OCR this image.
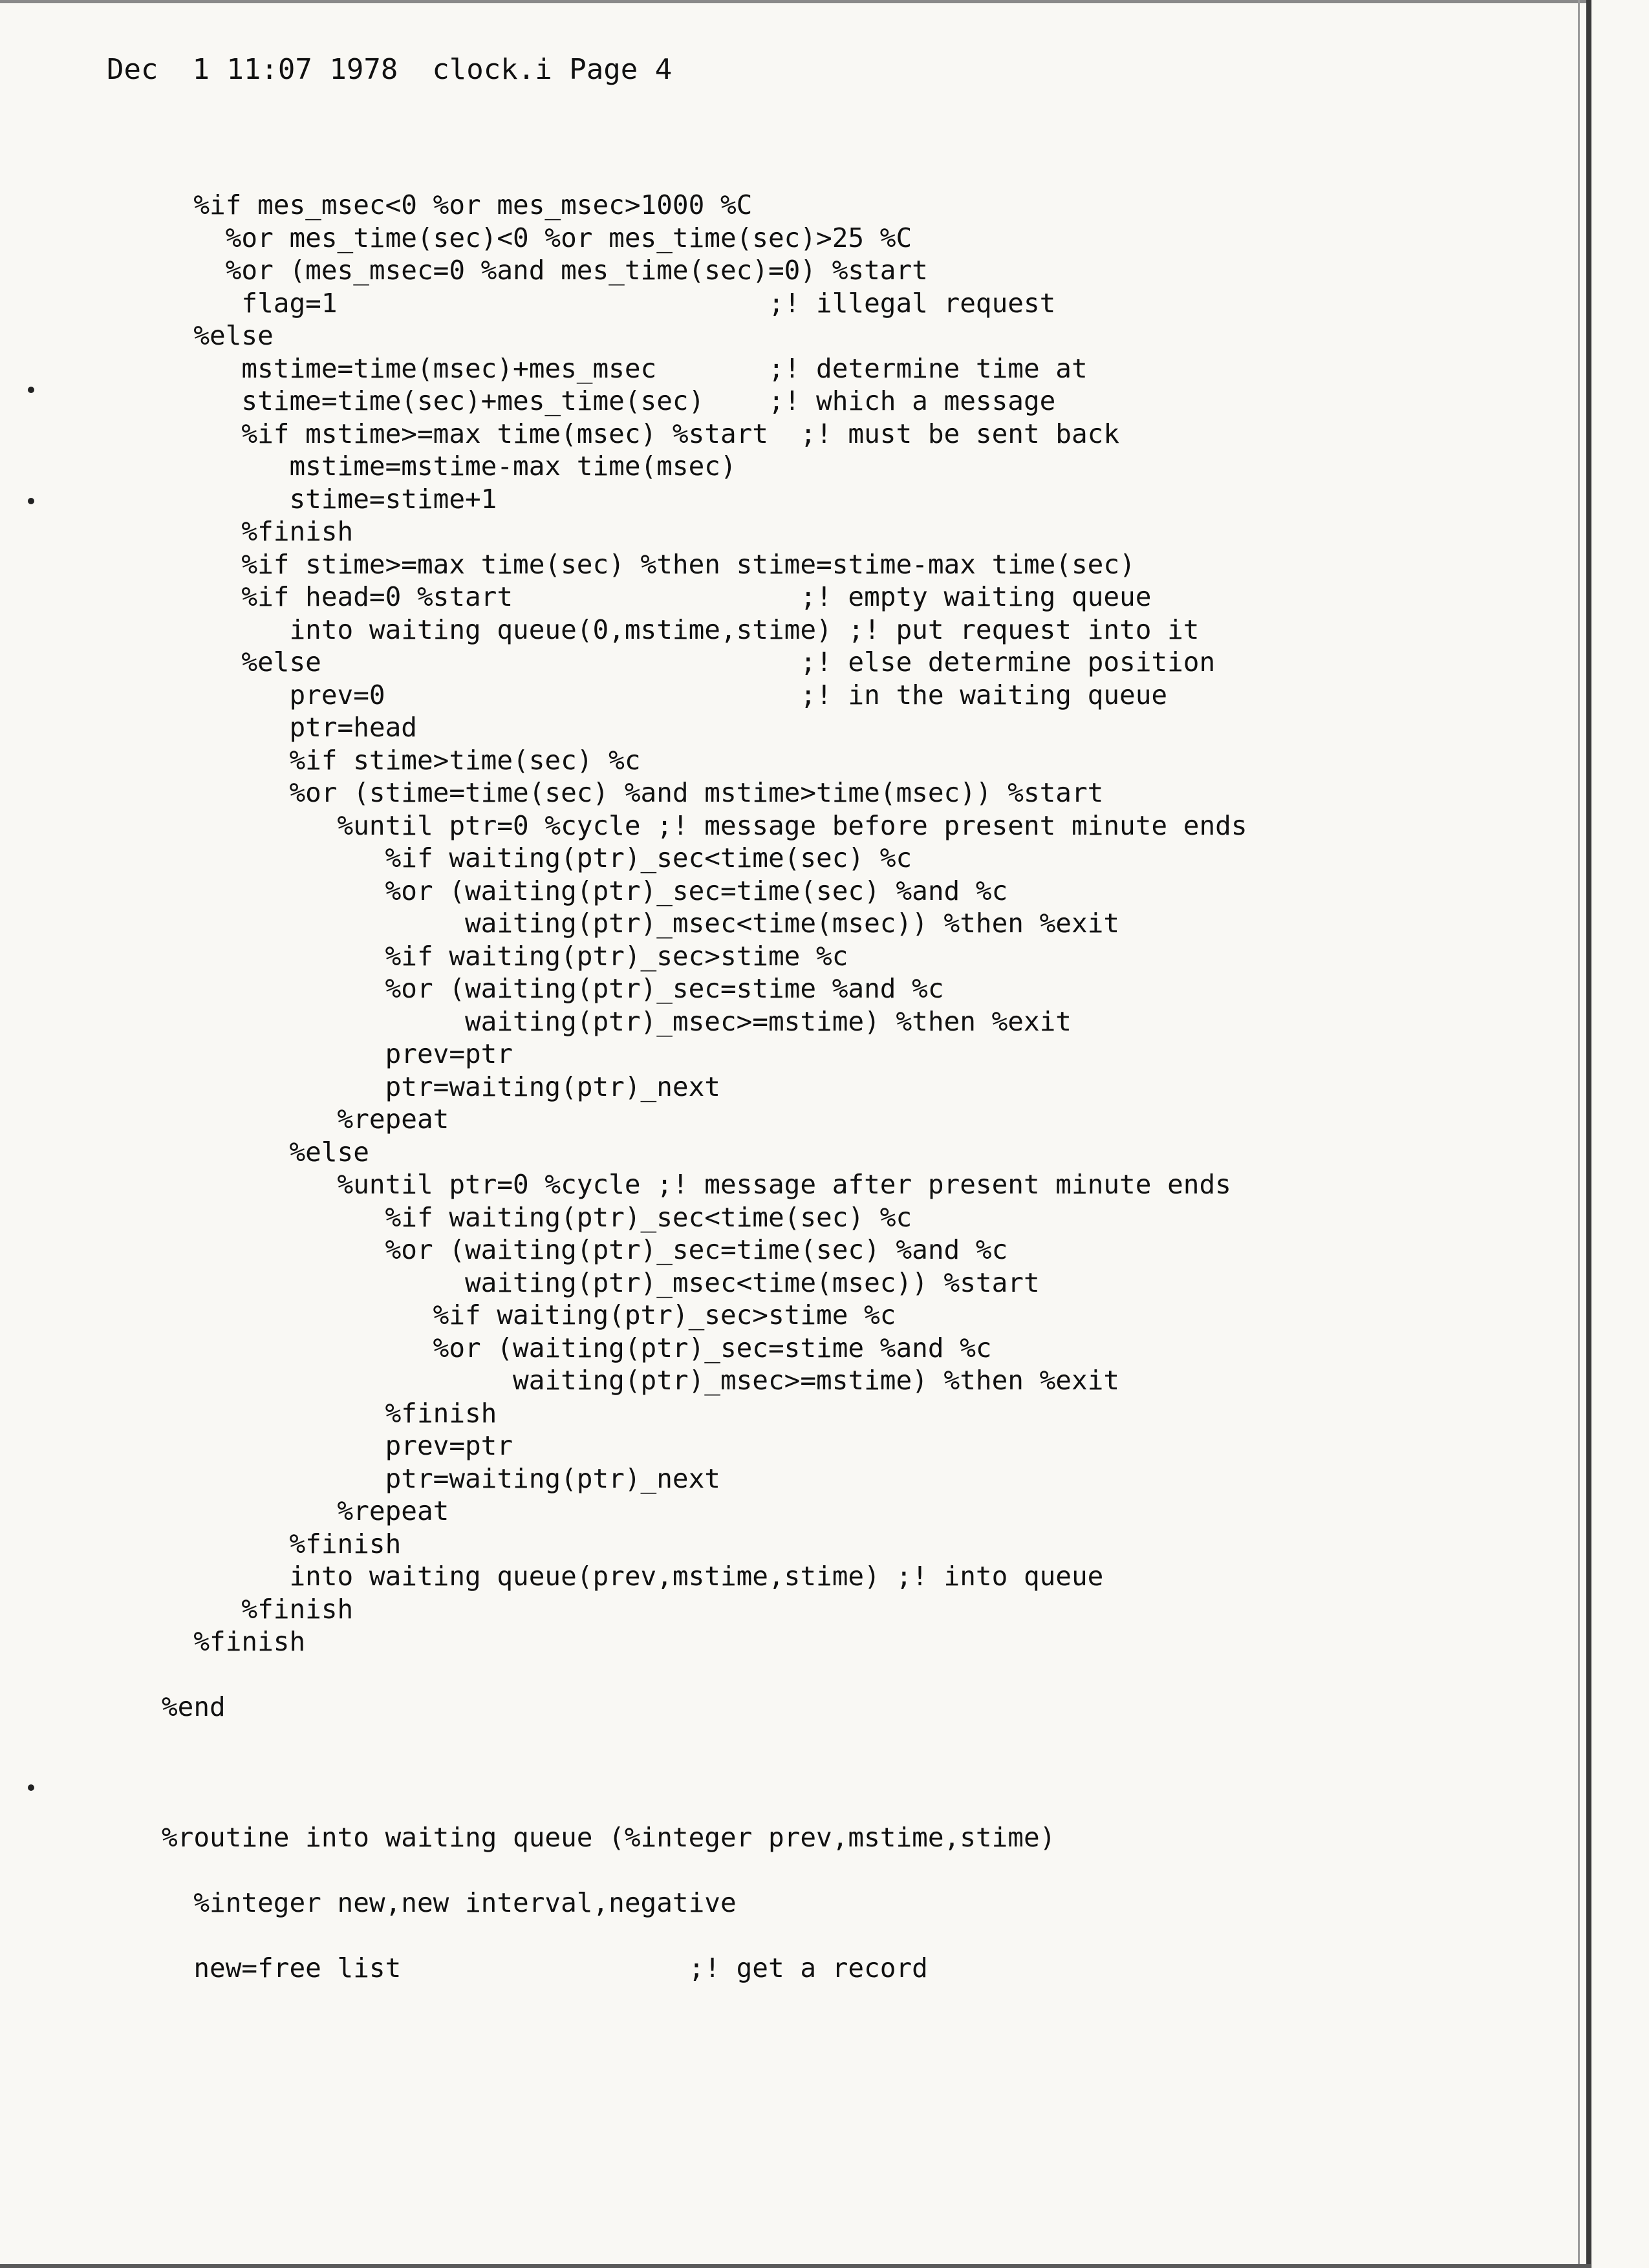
Dec  1 11:07 1978  clock.i Page 4
%if mes_msec<0 %or mes_msec>1000 %C
%or mes_time(sec)<0 %or mes_time(sec)>25 %C
%or (mes_msec=0 %and mes_time(sec)=0) %start
flag=1                           ;! illegal request
%else
mstime=time(msec)+mes_msec       ;! determine time at
stime=time(sec)+mes_time(sec)    ;! which a message
%if mstime>=max time(msec) %start  ;! must be sent back
mstime=mstime-max time(msec)
stime=stime+1
%finish
%if stime>=max time(sec) %then stime=stime-max time(sec)
%if head=0 %start                  ;! empty waiting queue
into waiting queue(0,mstime,stime) ;! put request into it
%else                              ;! else determine position
prev=0                          ;! in the waiting queue
ptr=head
%if stime>time(sec) %c
%or (stime=time(sec) %and mstime>time(msec)) %start
%until ptr=0 %cycle ;! message before present minute ends
%if waiting(ptr)_sec<time(sec) %c
%or (waiting(ptr)_sec=time(sec) %and %c
waiting(ptr)_msec<time(msec)) %then %exit
%if waiting(ptr)_sec>stime %c
%or (waiting(ptr)_sec=stime %and %c
waiting(ptr)_msec>=mstime) %then %exit
prev=ptr
ptr=waiting(ptr)_next
%repeat
%else
%until ptr=0 %cycle ;! message after present minute ends
%if waiting(ptr)_sec<time(sec) %c
%or (waiting(ptr)_sec=time(sec) %and %c
waiting(ptr)_msec<time(msec)) %start
%if waiting(ptr)_sec>stime %c
%or (waiting(ptr)_sec=stime %and %c
waiting(ptr)_msec>=mstime) %then %exit
%finish
prev=ptr
ptr=waiting(ptr)_next
%repeat
%finish
into waiting queue(prev,mstime,stime) ;! into queue
%finish
%finish

%end

%routine into waiting queue (%integer prev,mstime,stime)

%integer new,new interval,negative

new=free list                  ;! get a record
